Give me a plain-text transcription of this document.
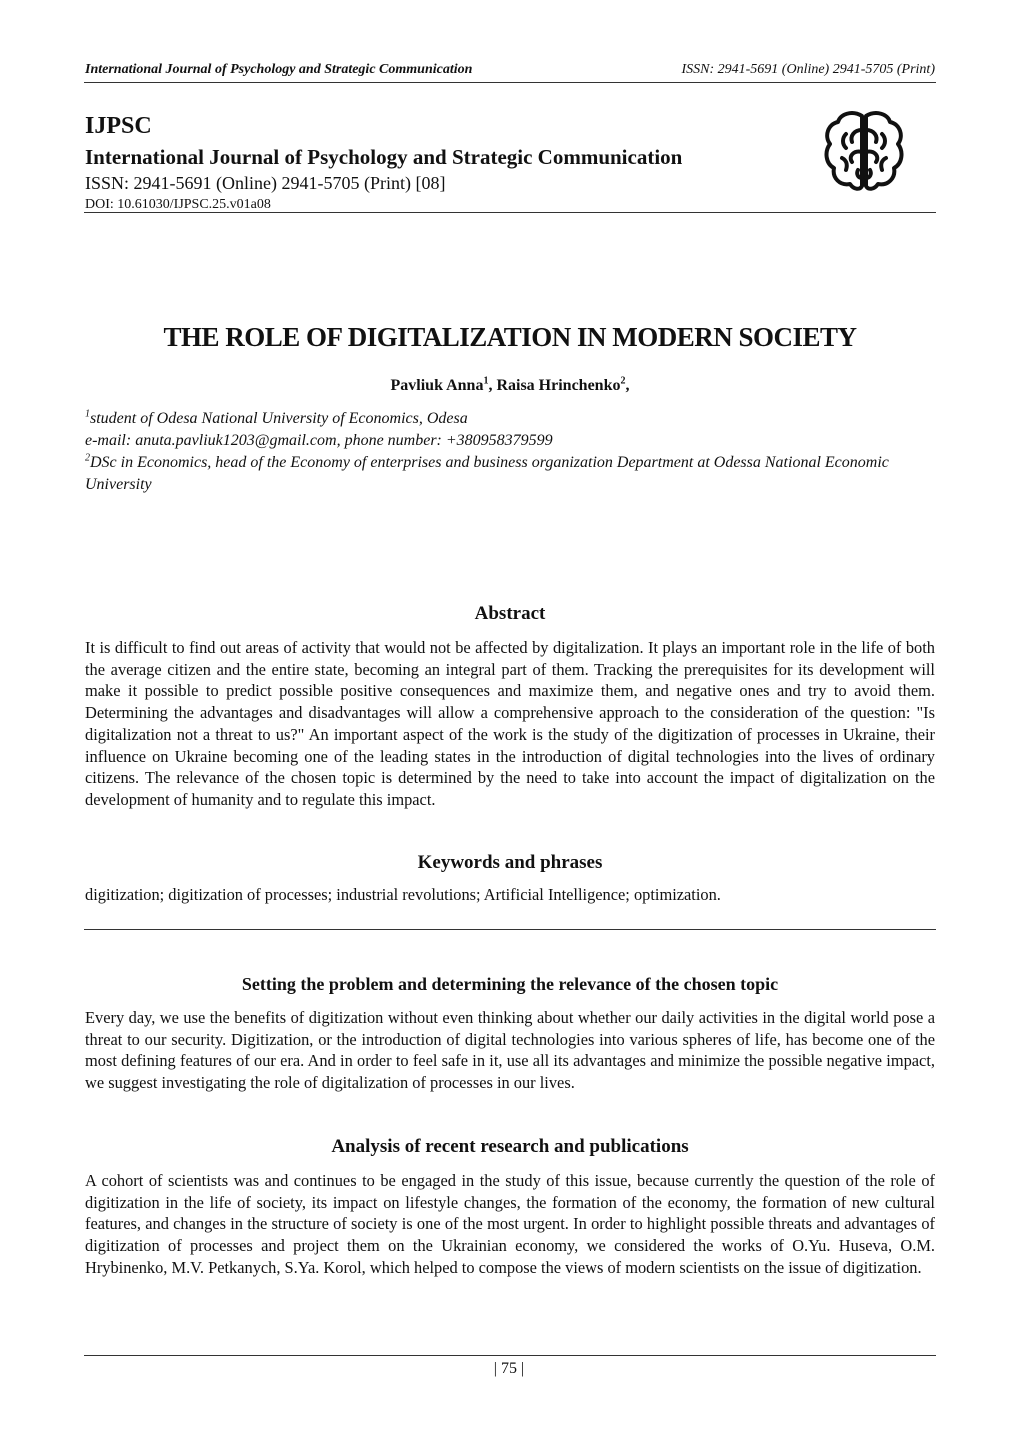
International Journal of Psychology and Strategic Communication	ISSN: 2941-5691 (Online) 2941-5705 (Print)
IJPSC
International Journal of Psychology and Strategic Communication
ISSN: 2941-5691 (Online) 2941-5705 (Print) [08]
DOI: 10.61030/IJPSC.25.v01a08
THE ROLE OF DIGITALIZATION IN MODERN SOCIETY
Pavliuk Anna$^1$, Raisa Hrinchenko$^2$,
$^1$student of Odesa National University of Economics, Odesa
e-mail: anuta.pavliuk1203@gmail.com, phone number: +380958379599
$^2$DSc in Economics, head of the Economy of enterprises and business organization Department at Odessa National Economic University
Abstract
It is difficult to find out areas of activity that would not be affected by digitalization. It plays an important role in the life of both the average citizen and the entire state, becoming an integral part of them. Tracking the prerequisites for its development will make it possible to predict possible positive consequences and maximize them, and negative ones and try to avoid them. Determining the advantages and disadvantages will allow a comprehensive approach to the consideration of the question: "Is digitalization not a threat to us?" An important aspect of the work is the study of the digitization of processes in Ukraine, their influence on Ukraine becoming one of the leading states in the introduction of digital technologies into the lives of ordinary citizens. The relevance of the chosen topic is determined by the need to take into account the impact of digitalization on the development of humanity and to regulate this impact.
Keywords and phrases
digitization; digitization of processes; industrial revolutions; Artificial Intelligence; optimization.
Setting the problem and determining the relevance of the chosen topic
Every day, we use the benefits of digitization without even thinking about whether our daily activities in the digital world pose a threat to our security. Digitization, or the introduction of digital technologies into various spheres of life, has become one of the most defining features of our era. And in order to feel safe in it, use all its advantages and minimize the possible negative impact, we suggest investigating the role of digitalization of processes in our lives.
Analysis of recent research and publications
A cohort of scientists was and continues to be engaged in the study of this issue, because currently the question of the role of digitization in the life of society, its impact on lifestyle changes, the formation of the economy, the formation of new cultural features, and changes in the structure of society is one of the most urgent. In order to highlight possible threats and advantages of digitization of processes and project them on the Ukrainian economy, we considered the works of O.Yu. Huseva, O.M. Hrybinenko, M.V. Petkanych, S.Ya. Korol, which helped to compose the views of modern scientists on the issue of digitization.
| 75 |
